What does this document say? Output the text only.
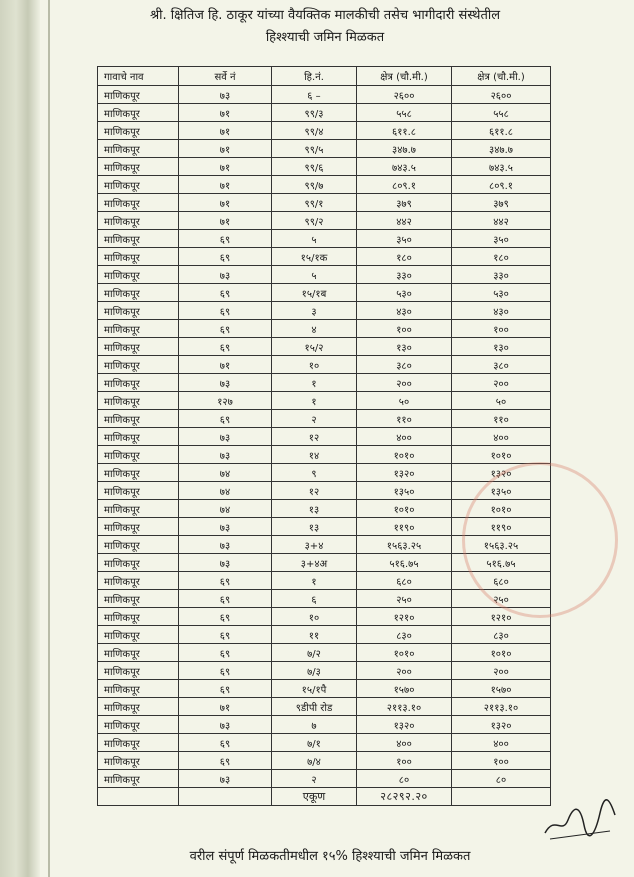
श्री. क्षितिज हि. ठाकूर यांच्या वैयक्तिक मालकीची तसेच भागीदारी संस्थेतील
हिश्श्याची जमिन मिळकत
गावाचे नाव	सर्वे नं	हि.नं.	क्षेत्र (चौ.मी.)	क्षेत्र (चौ.मी.)
माणिकपूर	७३	६ –	२६००	२६००
माणिकपूर	७१	९९/३	५५८	५५८
माणिकपूर	७१	९९/४	६११.८	६११.८
माणिकपूर	७१	९९/५	३४७.७	३४७.७
माणिकपूर	७१	९९/६	७४३.५	७४३.५
माणिकपूर	७१	९९/७	८०९.१	८०९.१
माणिकपूर	७१	९९/१	३७९	३७९
माणिकपूर	७१	९९/२	४४२	४४२
माणिकपूर	६९	५	३५०	३५०
माणिकपूर	६९	१५/१क	१८०	१८०
माणिकपूर	७३	५	३३०	३३०
माणिकपूर	६९	१५/१ब	५३०	५३०
माणिकपूर	६९	३	४३०	४३०
माणिकपूर	६९	४	१००	१००
माणिकपूर	६९	१५/२	१३०	१३०
माणिकपूर	७१	१०	३८०	३८०
माणिकपूर	७३	१	२००	२००
माणिकपूर	१२७	१	५०	५०
माणिकपूर	६९	२	११०	११०
माणिकपूर	७३	१२	४००	४००
माणिकपूर	७३	१४	१०१०	१०१०
माणिकपूर	७४	९	१३२०	१३२०
माणिकपूर	७४	१२	१३५०	१३५०
माणिकपूर	७४	१३	१०१०	१०१०
माणिकपूर	७३	१३	११९०	११९०
माणिकपूर	७३	३+४	१५६३.२५	१५६३.२५
माणिकपूर	७३	३+४अ	५१६.७५	५१६.७५
माणिकपूर	६९	१	६८०	६८०
माणिकपूर	६९	६	२५०	२५०
माणिकपूर	६९	१०	१२१०	१२१०
माणिकपूर	६९	११	८३०	८३०
माणिकपूर	६९	७/२	१०१०	१०१०
माणिकपूर	६९	७/३	२००	२००
माणिकपूर	६९	१५/१पै	१५७०	१५७०
माणिकपूर	७१	९डीपी रोड	२११३.१०	२११३.१०
माणिकपूर	७३	७	१३२०	१३२०
माणिकपूर	६९	७/१	४००	४००
माणिकपूर	६९	७/४	१००	१००
माणिकपूर	७३	२	८०	८०
		एकूण	२८२९२.२०	
वरील संपूर्ण मिळकतीमधील १५% हिश्श्याची जमिन मिळकत
